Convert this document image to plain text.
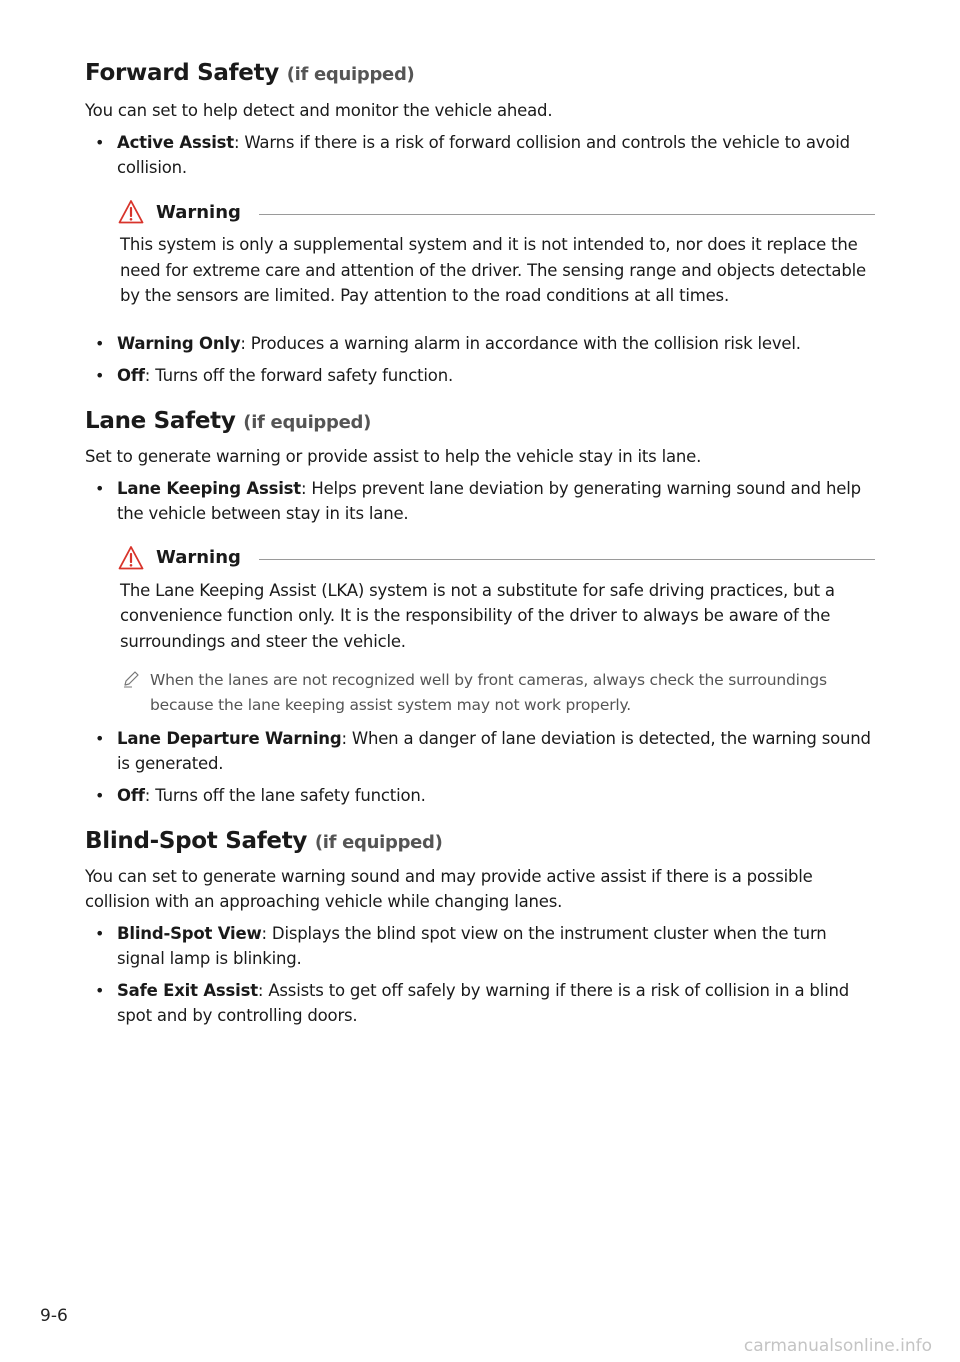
Forward Safety (if equipped)

You can set to help detect and monitor the vehicle ahead.

• Active Assist: Warns if there is a risk of forward collision and controls the vehicle to avoid collision.
Warning

This system is only a supplemental system and it is not intended to, nor does it replace the need for extreme care and attention of the driver. The sensing range and objects detectable by the sensors are limited. Pay attention to the road conditions at all times.

• Warning Only: Produces a warning alarm in accordance with the collision risk level.
• Off: Turns off the forward safety function.
Lane Safety (if equipped)

Set to generate warning or provide assist to help the vehicle stay in its lane.

• Lane Keeping Assist: Helps prevent lane deviation by generating warning sound and help the vehicle between stay in its lane.
Warning

The Lane Keeping Assist (LKA) system is not a substitute for safe driving practices, but a convenience function only. It is the responsibility of the driver to always be aware of the surroundings and steer the vehicle.

When the lanes are not recognized well by front cameras, always check the surroundings because the lane keeping assist system may not work properly.
• Lane Departure Warning: When a danger of lane deviation is detected, the warning sound is generated.
• Off: Turns off the lane safety function.
Blind-Spot Safety (if equipped)

You can set to generate warning sound and may provide active assist if there is a possible collision with an approaching vehicle while changing lanes.

• Blind-Spot View: Displays the blind spot view on the instrument cluster when the turn signal lamp is blinking.
• Safe Exit Assist: Assists to get off safely by warning if there is a risk of collision in a blind spot and by controlling doors.
9-6
carmanualsonline.info
